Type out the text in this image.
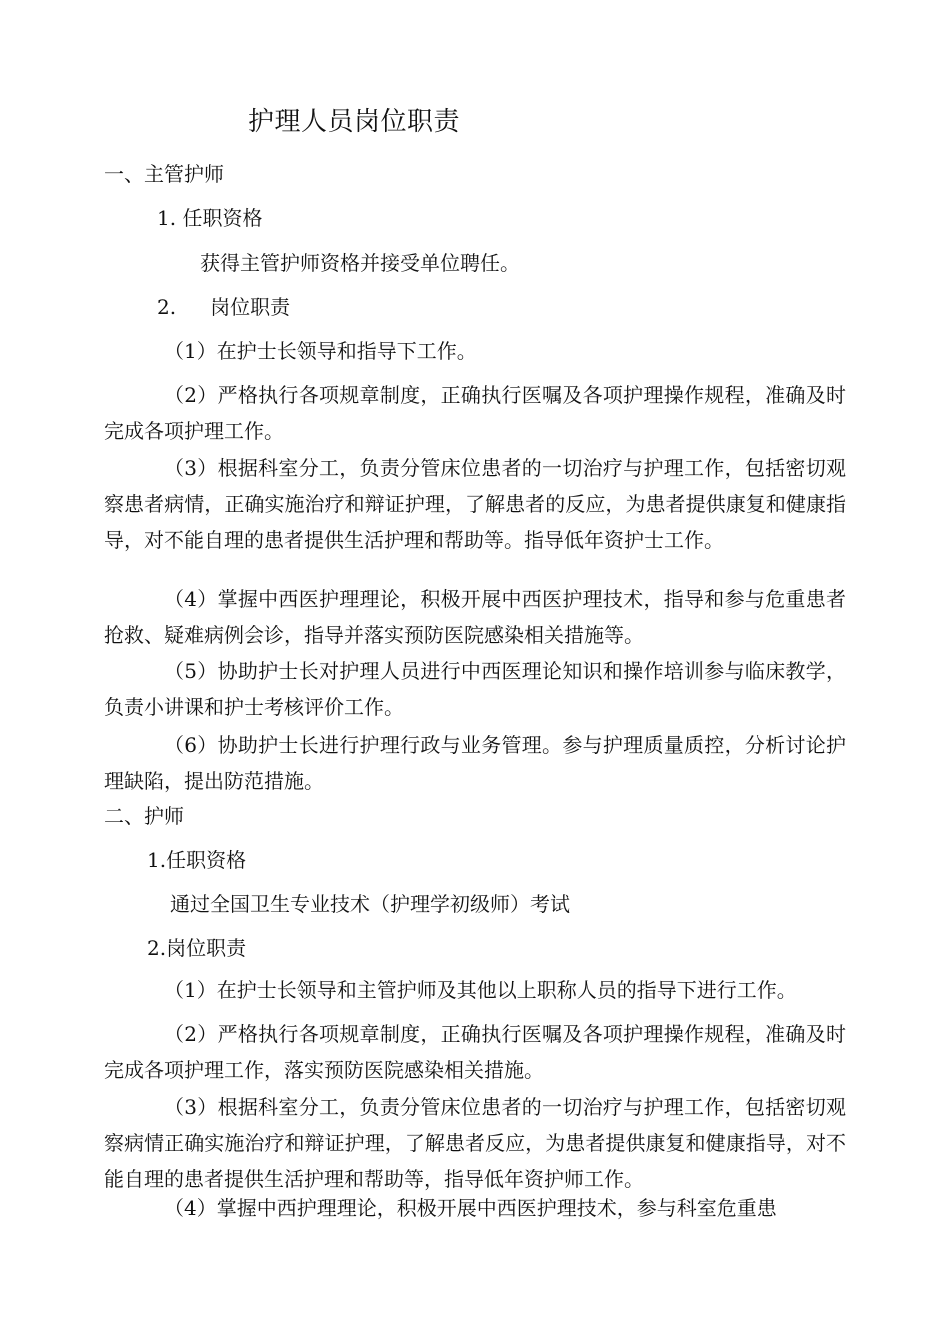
护理人员岗位职责
一、主管护师
1. 任职资格
获得主管护师资格并接受单位聘任。
2. 岗位职责
（1）在护士长领导和指导下工作。
（2）严格执行各项规章制度，正确执行医嘱及各项护理操作规程，准确及时完成各项护理工作。
（3）根据科室分工，负责分管床位患者的一切治疗与护理工作，包括密切观察患者病情，正确实施治疗和辩证护理，了解患者的反应，为患者提供康复和健康指导，对不能自理的患者提供生活护理和帮助等。指导低年资护士工作。
（4）掌握中西医护理理论，积极开展中西医护理技术，指导和参与危重患者抢救、疑难病例会诊，指导并落实预防医院感染相关措施等。
（5）协助护士长对护理人员进行中西医理论知识和操作培训参与临床教学，负责小讲课和护士考核评价工作。
（6）协助护士长进行护理行政与业务管理。参与护理质量质控，分析讨论护理缺陷，提出防范措施。
二、护师
1.任职资格
通过全国卫生专业技术（护理学初级师）考试
2.岗位职责
（1）在护士长领导和主管护师及其他以上职称人员的指导下进行工作。
（2）严格执行各项规章制度，正确执行医嘱及各项护理操作规程，准确及时完成各项护理工作，落实预防医院感染相关措施。
（3）根据科室分工，负责分管床位患者的一切治疗与护理工作，包括密切观察病情正确实施治疗和辩证护理，了解患者反应，为患者提供康复和健康指导，对不能自理的患者提供生活护理和帮助等，指导低年资护师工作。
（4）掌握中西护理理论，积极开展中西医护理技术，参与科室危重患
